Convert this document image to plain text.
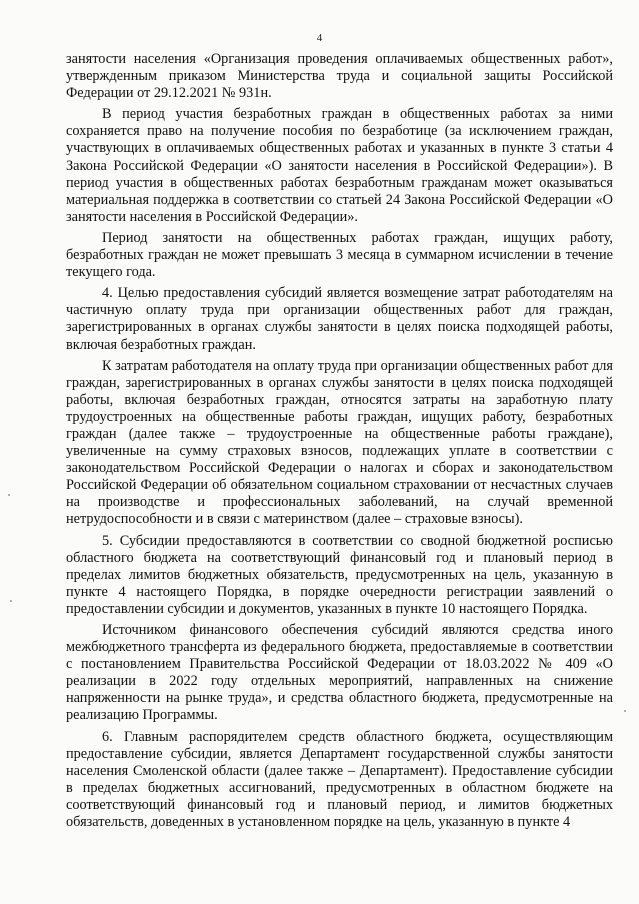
4

занятости населения «Организация проведения оплачиваемых общественных работ», утвержденным приказом Министерства труда и социальной защиты Российской Федерации от 29.12.2021 № 931н.

В период участия безработных граждан в общественных работах за ними сохраняется право на получение пособия по безработице (за исключением граждан, участвующих в оплачиваемых общественных работах и указанных в пункте 3 статьи 4 Закона Российской Федерации «О занятости населения в Российской Федерации»). В период участия в общественных работах безработным гражданам может оказываться материальная поддержка в соответствии со статьей 24 Закона Российской Федерации «О занятости населения в Российской Федерации».

Период занятости на общественных работах граждан, ищущих работу, безработных граждан не может превышать 3 месяца в суммарном исчислении в течение текущего года.

4. Целью предоставления субсидий является возмещение затрат работодателям на частичную оплату труда при организации общественных работ для граждан, зарегистрированных в органах службы занятости в целях поиска подходящей работы, включая безработных граждан.

К затратам работодателя на оплату труда при организации общественных работ для граждан, зарегистрированных в органах службы занятости в целях поиска подходящей работы, включая безработных граждан, относятся затраты на заработную плату трудоустроенных на общественные работы граждан, ищущих работу, безработных граждан (далее также – трудоустроенные на общественные работы граждане), увеличенные на сумму страховых взносов, подлежащих уплате в соответствии с законодательством Российской Федерации о налогах и сборах и законодательством Российской Федерации об обязательном социальном страховании от несчастных случаев на производстве и профессиональных заболеваний, на случай временной нетрудоспособности и в связи с материнством (далее – страховые взносы).

5. Субсидии предоставляются в соответствии со сводной бюджетной росписью областного бюджета на соответствующий финансовый год и плановый период в пределах лимитов бюджетных обязательств, предусмотренных на цель, указанную в пункте 4 настоящего Порядка, в порядке очередности регистрации заявлений о предоставлении субсидии и документов, указанных в пункте 10 настоящего Порядка.

Источником финансового обеспечения субсидий являются средства иного межбюджетного трансферта из федерального бюджета, предоставляемые в соответствии с постановлением Правительства Российской Федерации от 18.03.2022 № 409 «О реализации в 2022 году отдельных мероприятий, направленных на снижение напряженности на рынке труда», и средства областного бюджета, предусмотренные на реализацию Программы.

6. Главным распорядителем средств областного бюджета, осуществляющим предоставление субсидии, является Департамент государственной службы занятости населения Смоленской области (далее также – Департамент). Предоставление субсидии в пределах бюджетных ассигнований, предусмотренных в областном бюджете на соответствующий финансовый год и плановый период, и лимитов бюджетных обязательств, доведенных в установленном порядке на цель, указанную в пункте 4
